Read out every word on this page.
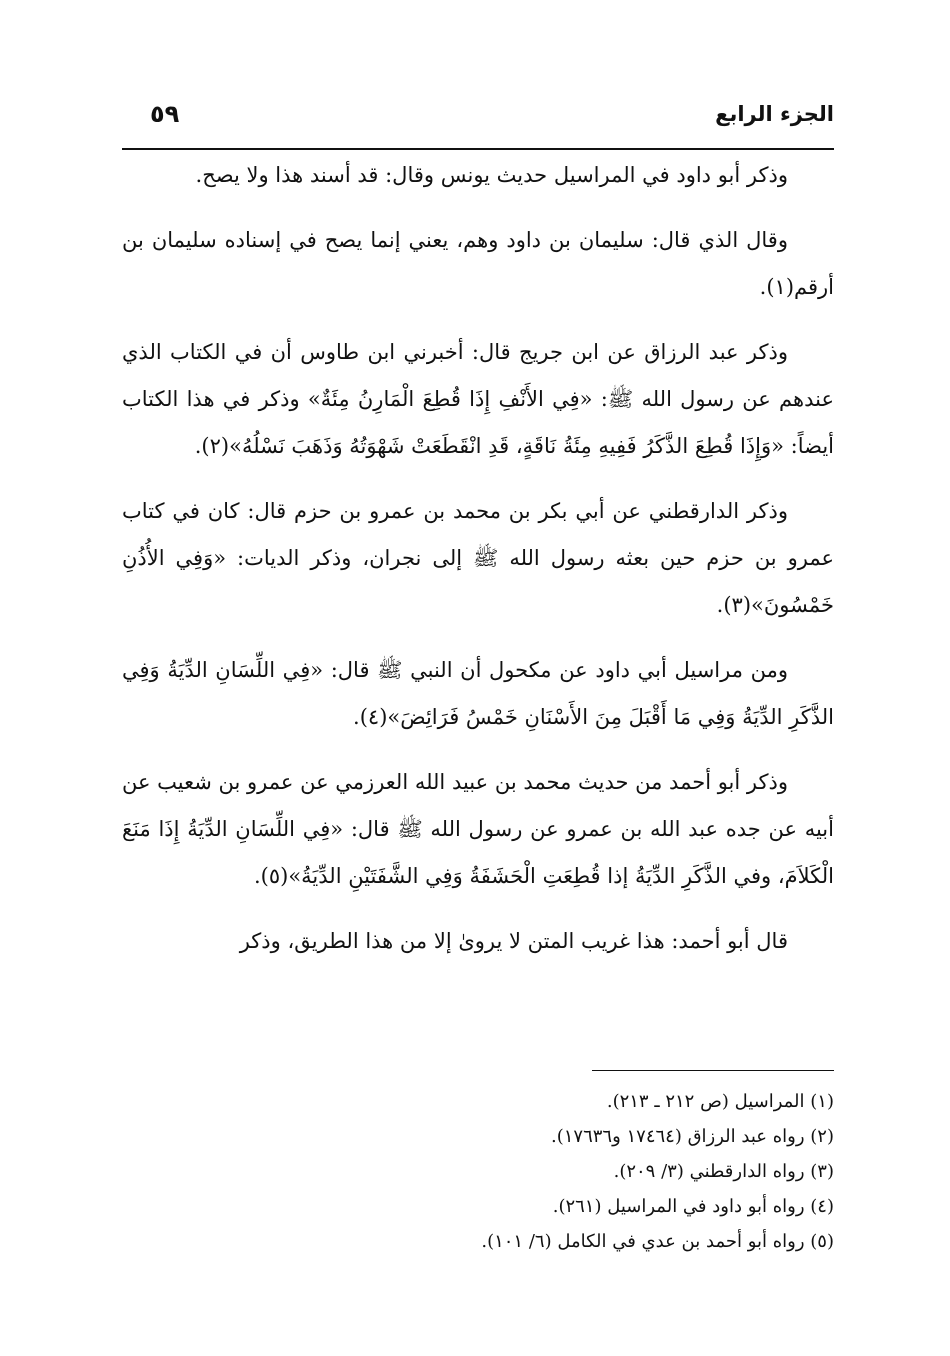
الجزء الرابع
٥٩

وذكر أبو داود في المراسيل حديث يونس وقال: قد أسند هذا ولا يصح.

وقال الذي قال: سليمان بن داود وهم، يعني إنما يصح في إسناده سليمان بن أرقم(١).

وذكر عبد الرزاق عن ابن جريج قال: أخبرني ابن طاوس أن في الكتاب الذي عندهم عن رسول الله ﷺ: «فِي الأَنْفِ إِذَا قُطِعَ الْمَارِنُ مِئَةٌ» وذكر في هذا الكتاب أيضاً: «وَإِذَا قُطِعَ الذَّكَرُ فَفِيهِ مِئَةُ نَاقَةٍ، قَدِ انْقَطَعَتْ شَهْوَتُهُ وَذَهَبَ نَسْلُهُ»(٢).

وذكر الدارقطني عن أبي بكر بن محمد بن عمرو بن حزم قال: كان في كتاب عمرو بن حزم حين بعثه رسول الله ﷺ إلى نجران، وذكر الديات: «وَفِي الأُذُنِ خَمْسُونَ»(٣).

ومن مراسيل أبي داود عن مكحول أن النبي ﷺ قال: «فِي اللِّسَانِ الدِّيَةُ وَفِي الذَّكَرِ الدِّيَةُ وَفِي مَا أَقْبَلَ مِنَ الأَسْنَانِ خَمْسُ فَرَائِضَ»(٤).

وذكر أبو أحمد من حديث محمد بن عبيد الله العرزمي عن عمرو بن شعيب عن أبيه عن جده عبد الله بن عمرو عن رسول الله ﷺ قال: «فِي اللِّسَانِ الدِّيَةُ إِذَا مَنَعَ الْكَلاَمَ، وفي الذَّكَرِ الدِّيَةُ إذا قُطِعَتِ الْحَشَفَةُ وَفِي الشَّفَتَيْنِ الدِّيَةُ»(٥).

قال أبو أحمد: هذا غريب المتن لا يروىٰ إلا من هذا الطريق، وذكر

(١) المراسيل (ص ٢١٢ ـ ٢١٣).

(٢) رواه عبد الرزاق (١٧٤٦٤ و١٧٦٣٦).

(٣) رواه الدارقطني (٣/ ٢٠٩).

(٤) رواه أبو داود في المراسيل (٢٦١).

(٥) رواه أبو أحمد بن عدي في الكامل (٦/ ١٠١).
